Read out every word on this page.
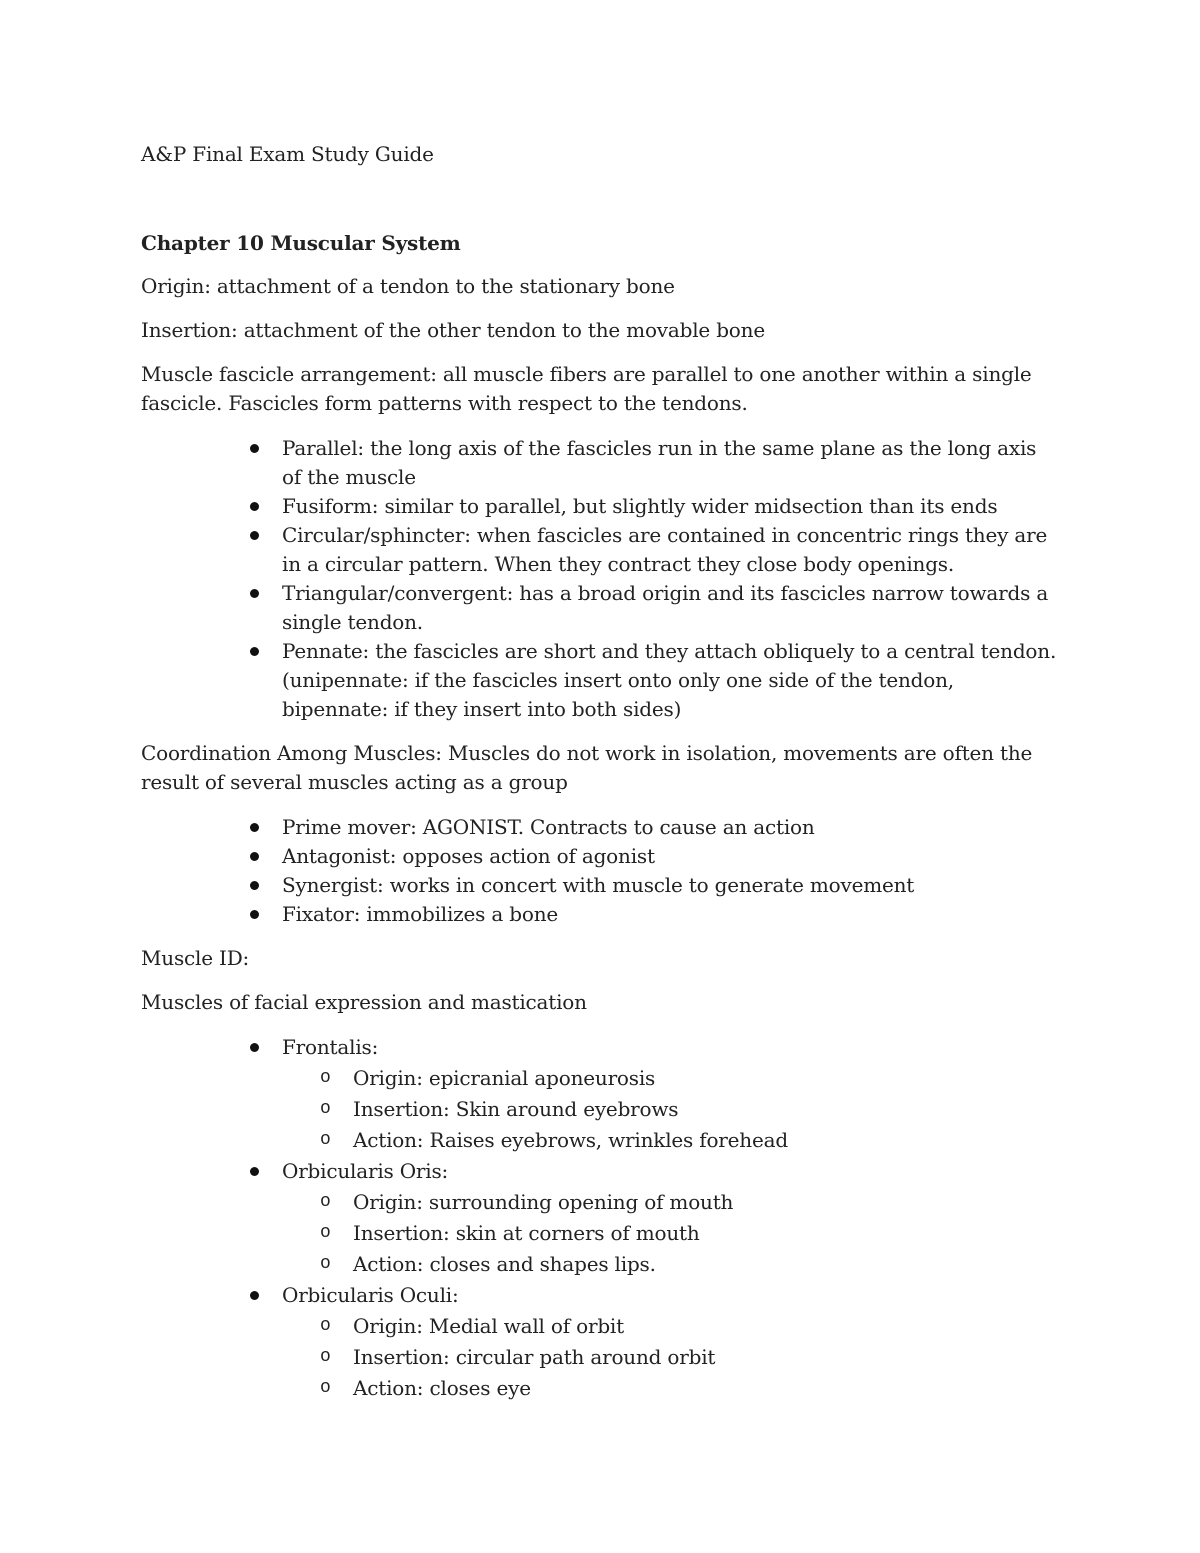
A&P Final Exam Study Guide

Chapter 10 Muscular System

Origin: attachment of a tendon to the stationary bone

Insertion: attachment of the other tendon to the movable bone

Muscle fascicle arrangement: all muscle fibers are parallel to one another within a single fascicle. Fascicles form patterns with respect to the tendons.

Parallel: the long axis of the fascicles run in the same plane as the long axis of the muscle
Fusiform: similar to parallel, but slightly wider midsection than its ends
Circular/sphincter: when fascicles are contained in concentric rings they are in a circular pattern. When they contract they close body openings.
Triangular/convergent: has a broad origin and its fascicles narrow towards a single tendon.
Pennate: the fascicles are short and they attach obliquely to a central tendon. (unipennate: if the fascicles insert onto only one side of the tendon, bipennate: if they insert into both sides)

Coordination Among Muscles: Muscles do not work in isolation, movements are often the result of several muscles acting as a group

Prime mover: AGONIST. Contracts to cause an action
Antagonist: opposes action of agonist
Synergist: works in concert with muscle to generate movement
Fixator: immobilizes a bone

Muscle ID:

Muscles of facial expression and mastication

Frontalis:
o Origin: epicranial aponeurosis
o Insertion: Skin around eyebrows
o Action: Raises eyebrows, wrinkles forehead
Orbicularis Oris:
o Origin: surrounding opening of mouth
o Insertion: skin at corners of mouth
o Action: closes and shapes lips.
Orbicularis Oculi:
o Origin: Medial wall of orbit
o Insertion: circular path around orbit
o Action: closes eye
